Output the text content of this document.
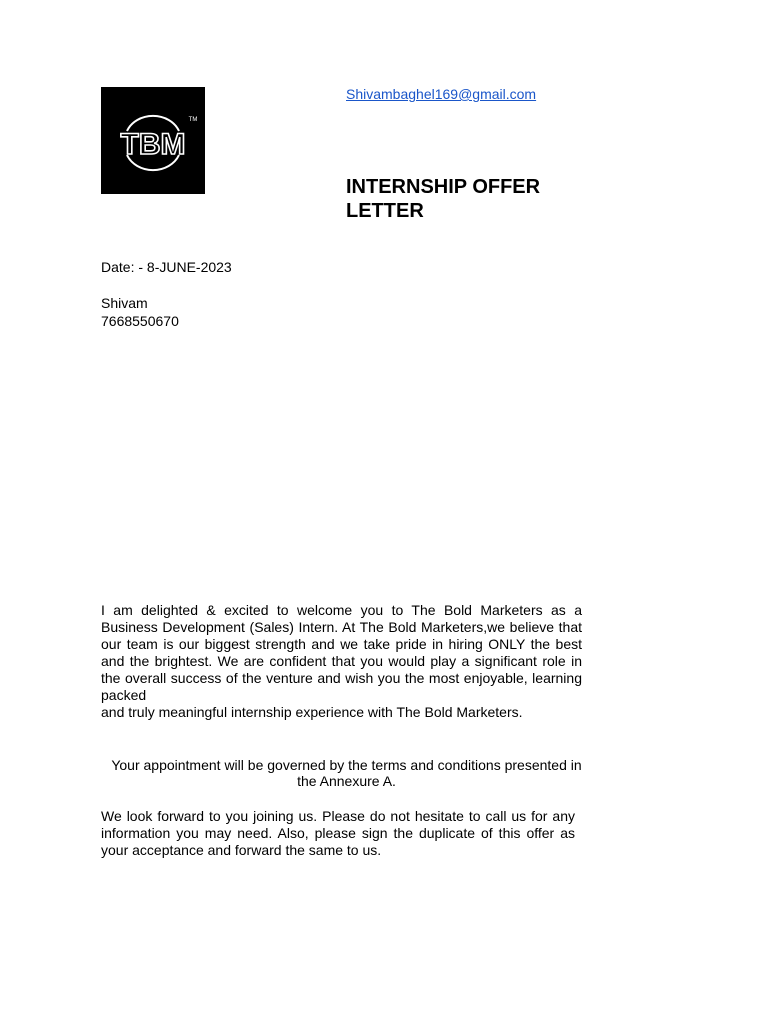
TBM
TM
Shivambaghel169@gmail.com
INTERNSHIP OFFER LETTER
Date: - 8-JUNE-2023
Shivam
7668550670

I am delighted & excited to welcome you to The Bold Marketers as a Business Development (Sales) Intern. At The Bold Marketers,we believe that our team is our biggest strength and we take pride in hiring ONLY the best and the brightest. We are confident that you would play a significant role in the overall success of the venture and wish you the most enjoyable, learning packed
and truly meaningful internship experience with The Bold Marketers.

Your appointment will be governed by the terms and conditions presented in the Annexure A.

We look forward to you joining us. Please do not hesitate to call us for any information you may need. Also, please sign the duplicate of this offer as your acceptance and forward the same to us.
